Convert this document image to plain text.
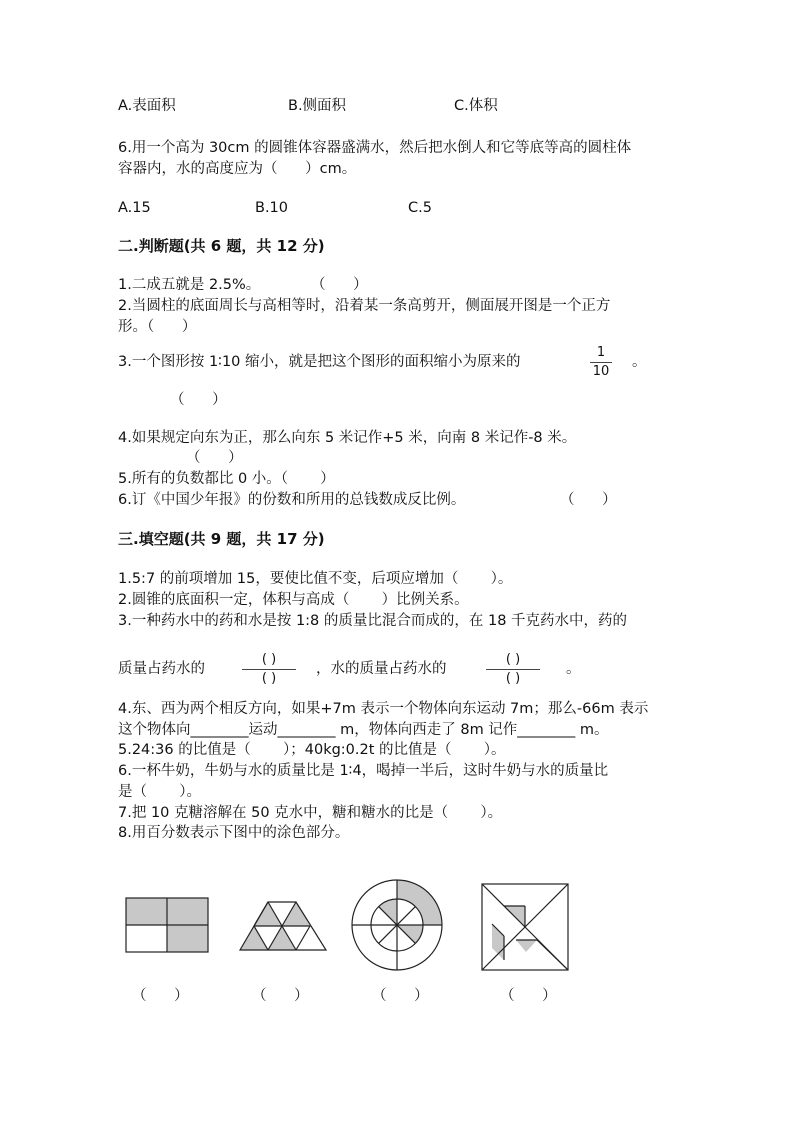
A.表面积	B.侧面积	C.体积
6.用一个高为 30cm 的圆锥体容器盛满水，然后把水倒人和它等底等高的圆柱体
容器内，水的高度应为（      ）cm。
A.15	B.10	C.5
二.判断题(共 6 题，共 12 分)
1.二成五就是 2.5%。           （      ）
2.当圆柱的底面周长与高相等时，沿着某一条高剪开，侧面展开图是一个正方
形。（      ）
3.一个图形按 1∶10 缩小，就是把这个图形的面积缩小为原来的
1
10
。
（      ）
4.如果规定向东为正，那么向东 5 米记作+5 米，向南 8 米记作-8 米。
（      ）
5.所有的负数都比 0 小。（       ）
6.订《中国少年报》的份数和所用的总钱数成反比例。	（      ）
三.填空题(共 9 题，共 17 分)
1.5:7 的前项增加 15，要使比值不变，后项应增加（       ）。
2.圆锥的底面积一定，体积与高成（       ）比例关系。
3.一种药水中的药和水是按 1:8 的质量比混合而成的，在 18 千克药水中，药的
质量占药水的
( )
( )
，水的质量占药水的
( )
( )
。
4.东、西为两个相反方向，如果+7m 表示一个物体向东运动 7m；那么-66m 表示
这个物体向________运动________ m，物体向西走了 8m 记作________ m。
5.24:36 的比值是（       ）；40kg:0.2t 的比值是（       ）。
6.一杯牛奶，牛奶与水的质量比是 1∶4，喝掉一半后，这时牛奶与水的质量比
是（       ）。
7.把 10 克糖溶解在 50 克水中，糖和糖水的比是（       ）。
8.用百分数表示下图中的涂色部分。
（      ）	（      ）	（      ）	（      ）
